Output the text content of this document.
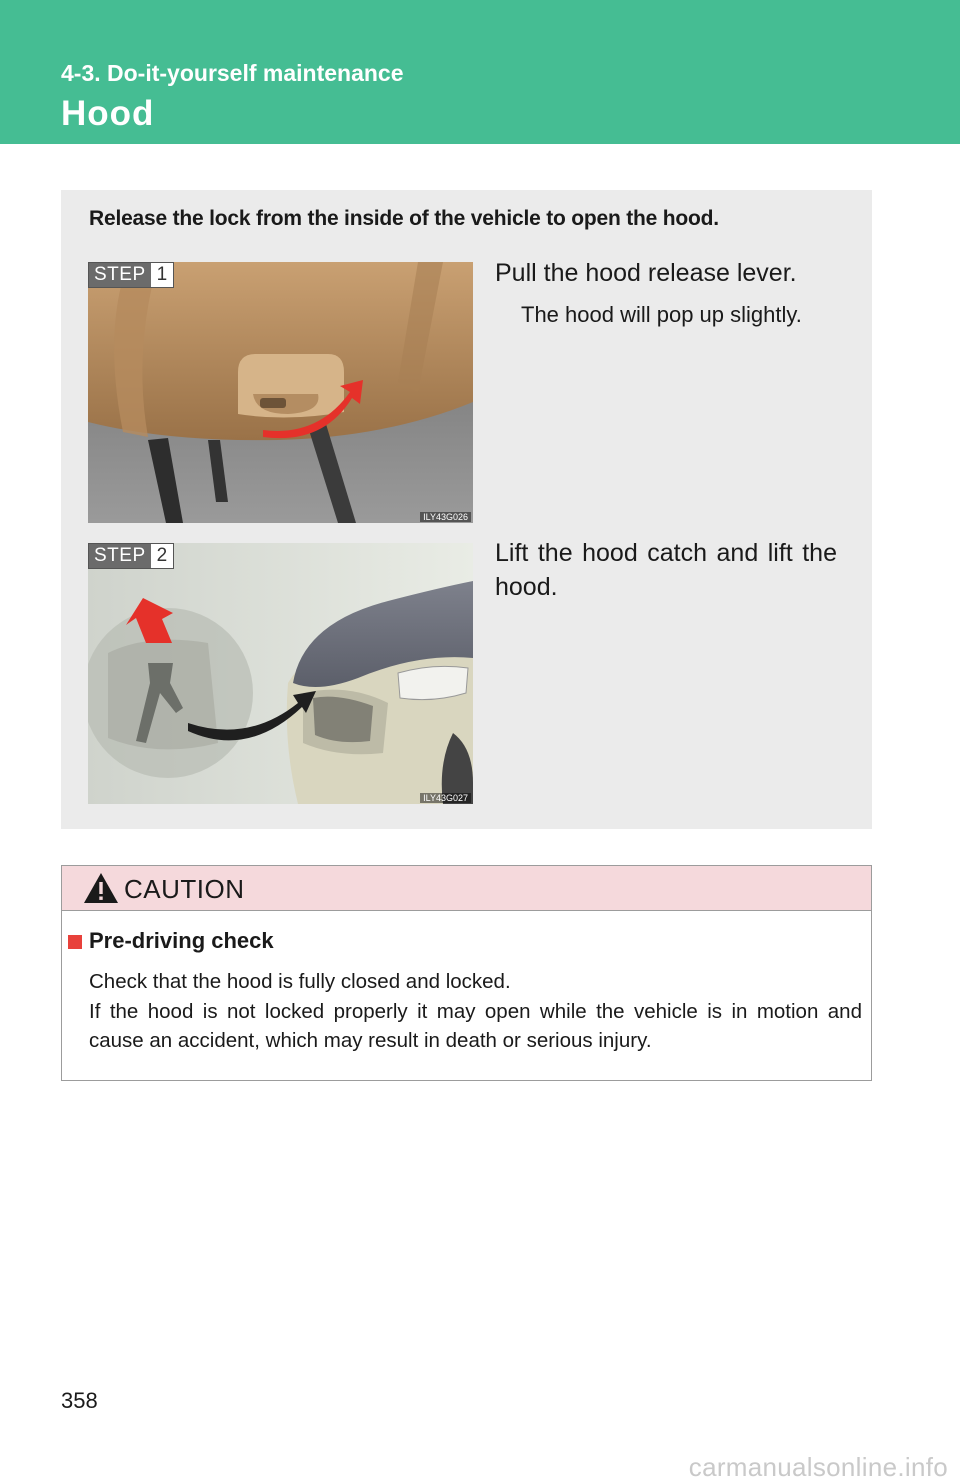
4-3. Do-it-yourself maintenance
Hood
Release the lock from the inside of the vehicle to open the hood.
STEP 1
ILY43G026
Pull the hood release lever.
The hood will pop up slightly.
STEP 2
ILY43G027
Lift the hood catch and lift the hood.
CAUTION
Pre-driving check

Check that the hood is fully closed and locked.

If the hood is not locked properly it may open while the vehicle is in motion and cause an accident, which may result in death or serious injury.

358
carmanualsonline.info
